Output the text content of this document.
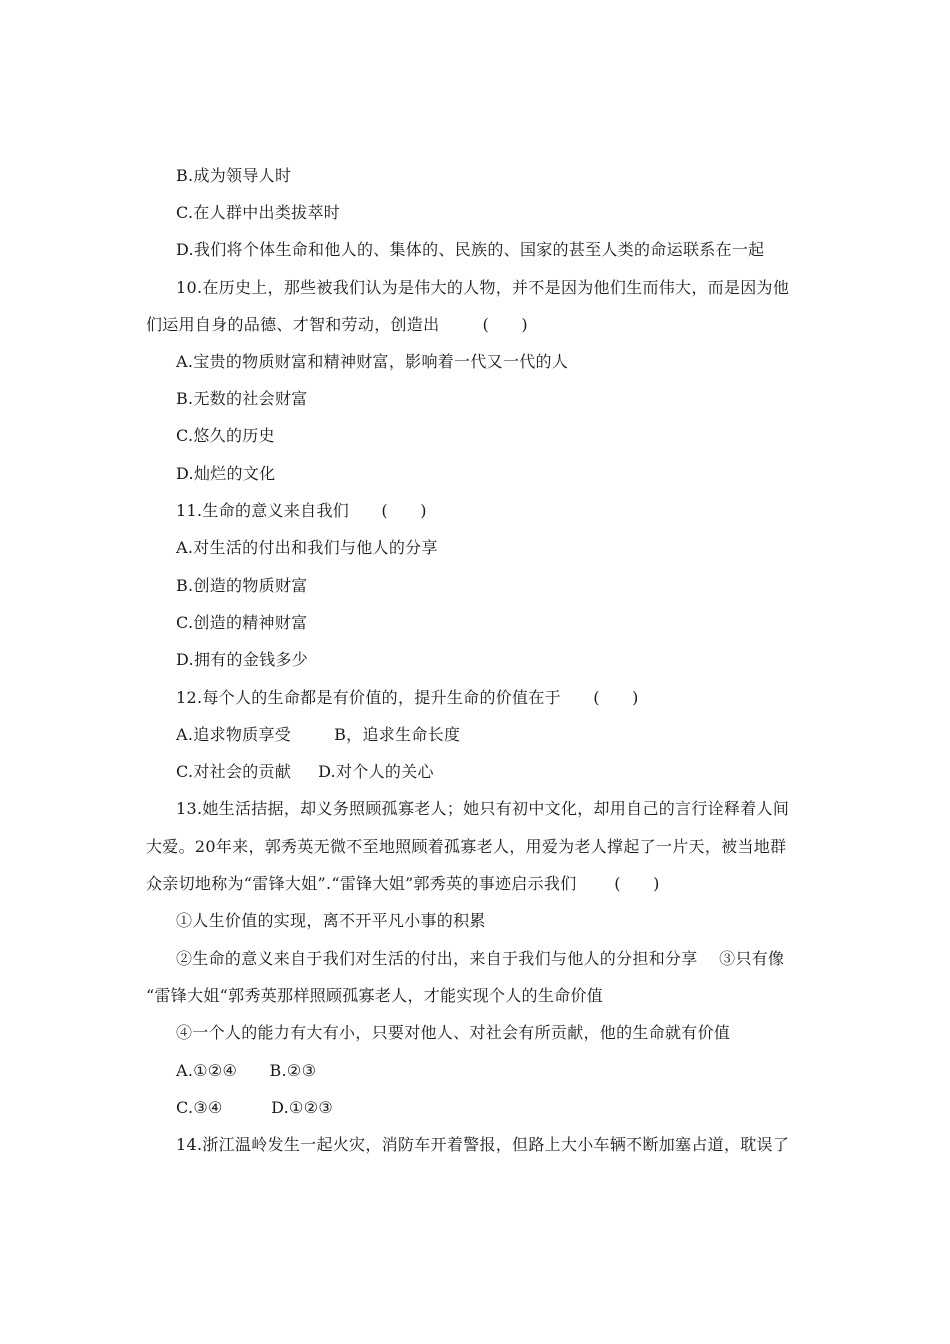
B.成为领导人时
C.在人群中出类拔萃时
D.我们将个体生命和他人的、集体的、民族的、国家的甚至人类的命运联系在一起
10.在历史上，那些被我们认为是伟大的人物，并不是因为他们生而伟大，而是因为他
们运用自身的品德、才智和劳动，创造出        (      )
A.宝贵的物质财富和精神财富，影响着一代又一代的人
B.无数的社会财富
C.悠久的历史
D.灿烂的文化
11.生命的意义来自我们      (      )
A.对生活的付出和我们与他人的分享
B.创造的物质财富
C.创造的精神财富
D.拥有的金钱多少
12.每个人的生命都是有价值的，提升生命的价值在于      (      )
A.追求物质享受        B，追求生命长度
C.对社会的贡献     D.对个人的关心
13.她生活拮据，却义务照顾孤寡老人；她只有初中文化，却用自己的言行诠释着人间
大爱。20年来，郭秀英无微不至地照顾着孤寡老人，用爱为老人撑起了一片天，被当地群
众亲切地称为“雷锋大姐”.“雷锋大姐”郭秀英的事迹启示我们       (      )
①人生价值的实现，离不开平凡小事的积累
②生命的意义来自于我们对生活的付出，来自于我们与他人的分担和分享    ③只有像
“雷锋大姐“郭秀英那样照顾孤寡老人，才能实现个人的生命价值
④一个人的能力有大有小，只要对他人、对社会有所贡献，他的生命就有价值
A.①②④      B.②③
C.③④         D.①②③
14.浙江温岭发生一起火灾，消防车开着警报，但路上大小车辆不断加塞占道，耽误了
